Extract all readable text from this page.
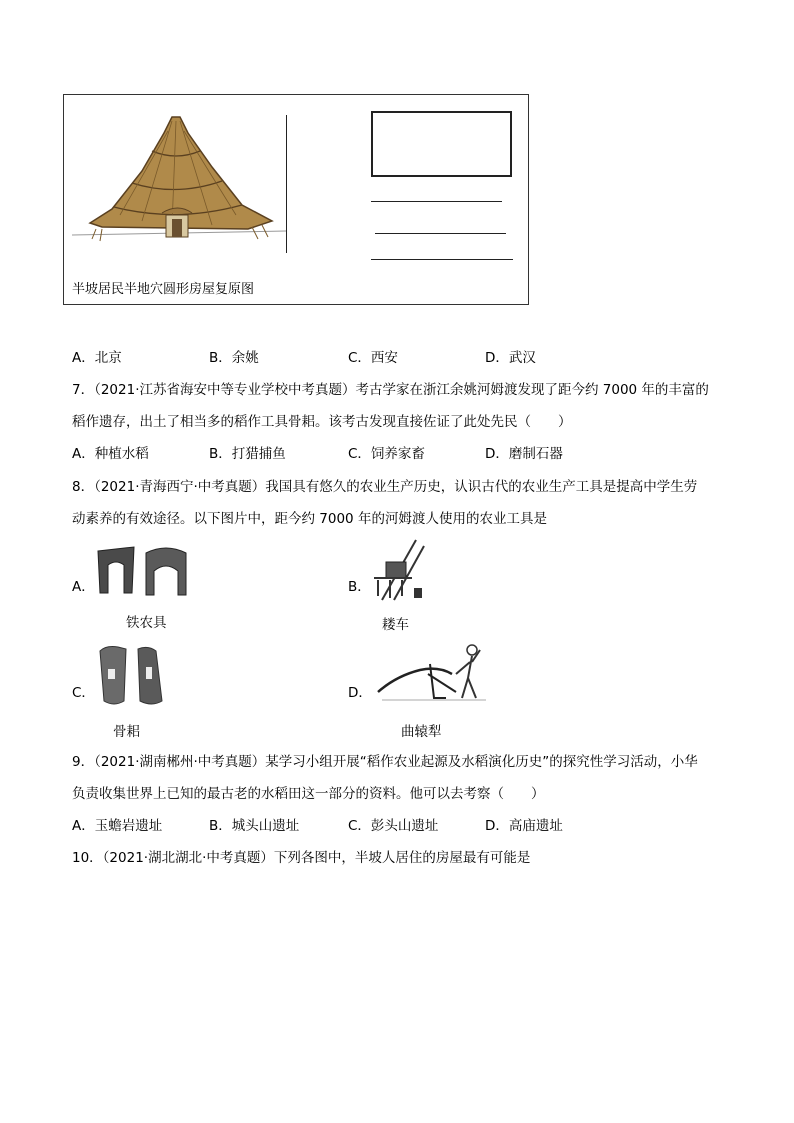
半坡居民半地穴圆形房屋复原图
A．北京	B．余姚	C．西安	D．武汉
7．（2021·江苏省海安中等专业学校中考真题）考古学家在浙江余姚河姆渡发现了距今约 7000 年的丰富的
稻作遗存，出土了相当多的稻作工具骨耜。该考古发现直接佐证了此处先民（　　）
A．种植水稻	B．打猎捕鱼	C．饲养家畜	D．磨制石器
8．（2021·青海西宁·中考真题）我国具有悠久的农业生产历史，认识古代的农业生产工具是提高中学生劳
动素养的有效途径。以下图片中，距今约 7000 年的河姆渡人使用的农业工具是
A．
铁农具
B．
耧车
C．
骨耜
D．
曲辕犁
9．（2021·湖南郴州·中考真题）某学习小组开展“稻作农业起源及水稻演化历史”的探究性学习活动，小华
负责收集世界上已知的最古老的水稻田这一部分的资料。他可以去考察（　　）
A．玉蟾岩遗址	B．城头山遗址	C．彭头山遗址	D．高庙遗址
10．（2021·湖北湖北·中考真题）下列各图中，半坡人居住的房屋最有可能是
